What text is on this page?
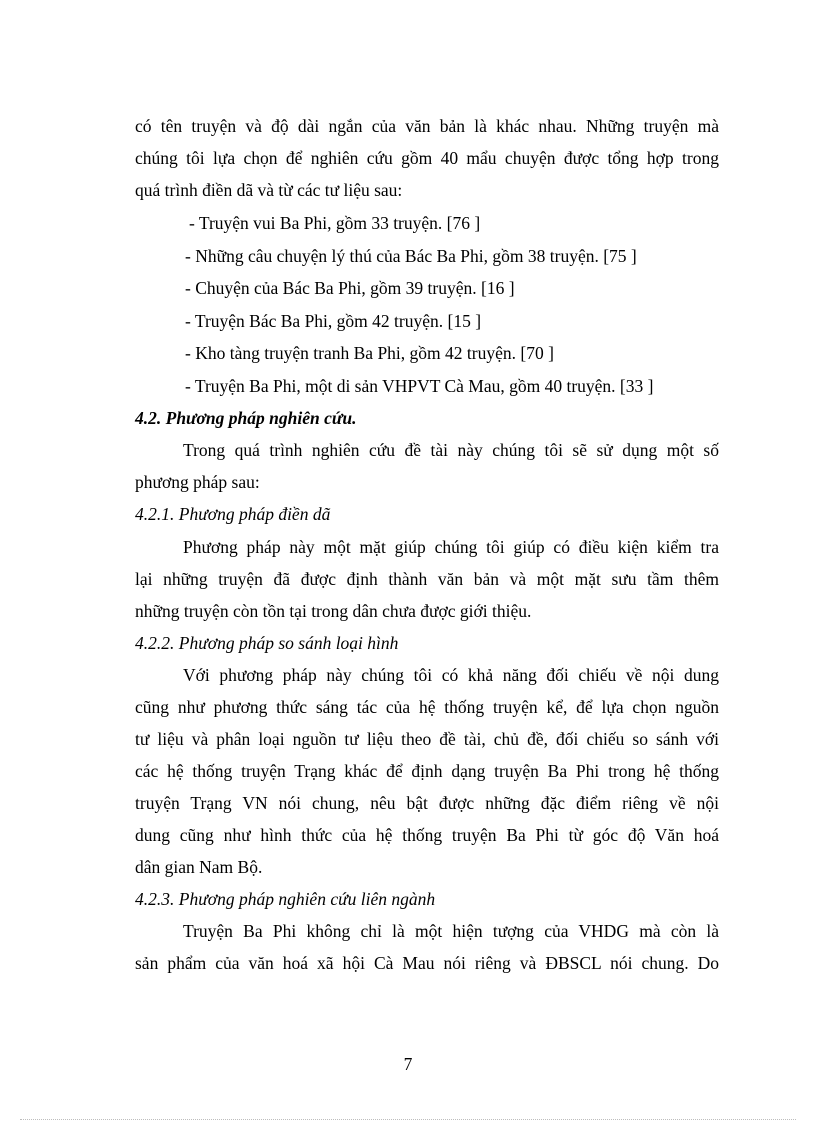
có tên truyện và độ dài ngắn của văn bản là khác nhau. Những truyện mà
chúng tôi lựa chọn để nghiên cứu gồm 40 mẩu chuyện được tổng hợp trong
quá trình điền dã và từ các tư liệu sau:
- Truyện vui Ba Phi, gồm 33 truyện. [76 ]
- Những câu chuyện lý thú của Bác Ba Phi, gồm 38 truyện. [75 ]
- Chuyện của Bác Ba Phi, gồm 39 truyện. [16 ]
- Truyện Bác Ba Phi, gồm 42 truyện. [15 ]
- Kho tàng truyện tranh Ba Phi, gồm 42 truyện. [70 ]
- Truyện Ba Phi, một di sản VHPVT Cà Mau, gồm 40 truyện. [33 ]
4.2. Phương pháp nghiên cứu.
Trong quá trình nghiên cứu đề tài này chúng tôi sẽ sử dụng một số
phương pháp sau:
4.2.1. Phương pháp điền dã
Phương pháp này một mặt giúp chúng tôi giúp có điều kiện kiểm tra
lại những truyện đã được định thành văn bản và một mặt sưu tầm thêm
những truyện còn tồn tại trong dân chưa được giới thiệu.
4.2.2. Phương pháp so sánh loại hình
Với phương pháp này chúng tôi có khả năng đối chiếu về nội dung
cũng như phương thức sáng tác của hệ thống truyện kể, để lựa chọn nguồn
tư liệu và phân loại nguồn tư liệu theo đề tài, chủ đề, đối chiếu so sánh với
các hệ thống truyện Trạng khác để định dạng truyện Ba Phi trong hệ thống
truyện Trạng VN nói chung, nêu bật được những đặc điểm riêng về nội
dung cũng như hình thức của hệ thống truyện Ba Phi từ góc độ Văn hoá
dân gian Nam Bộ.
4.2.3. Phương pháp nghiên cứu liên ngành
Truyện Ba Phi không chỉ là một hiện tượng của VHDG mà còn là
sản phẩm của văn hoá xã hội Cà Mau nói riêng và ĐBSCL nói chung. Do
7
